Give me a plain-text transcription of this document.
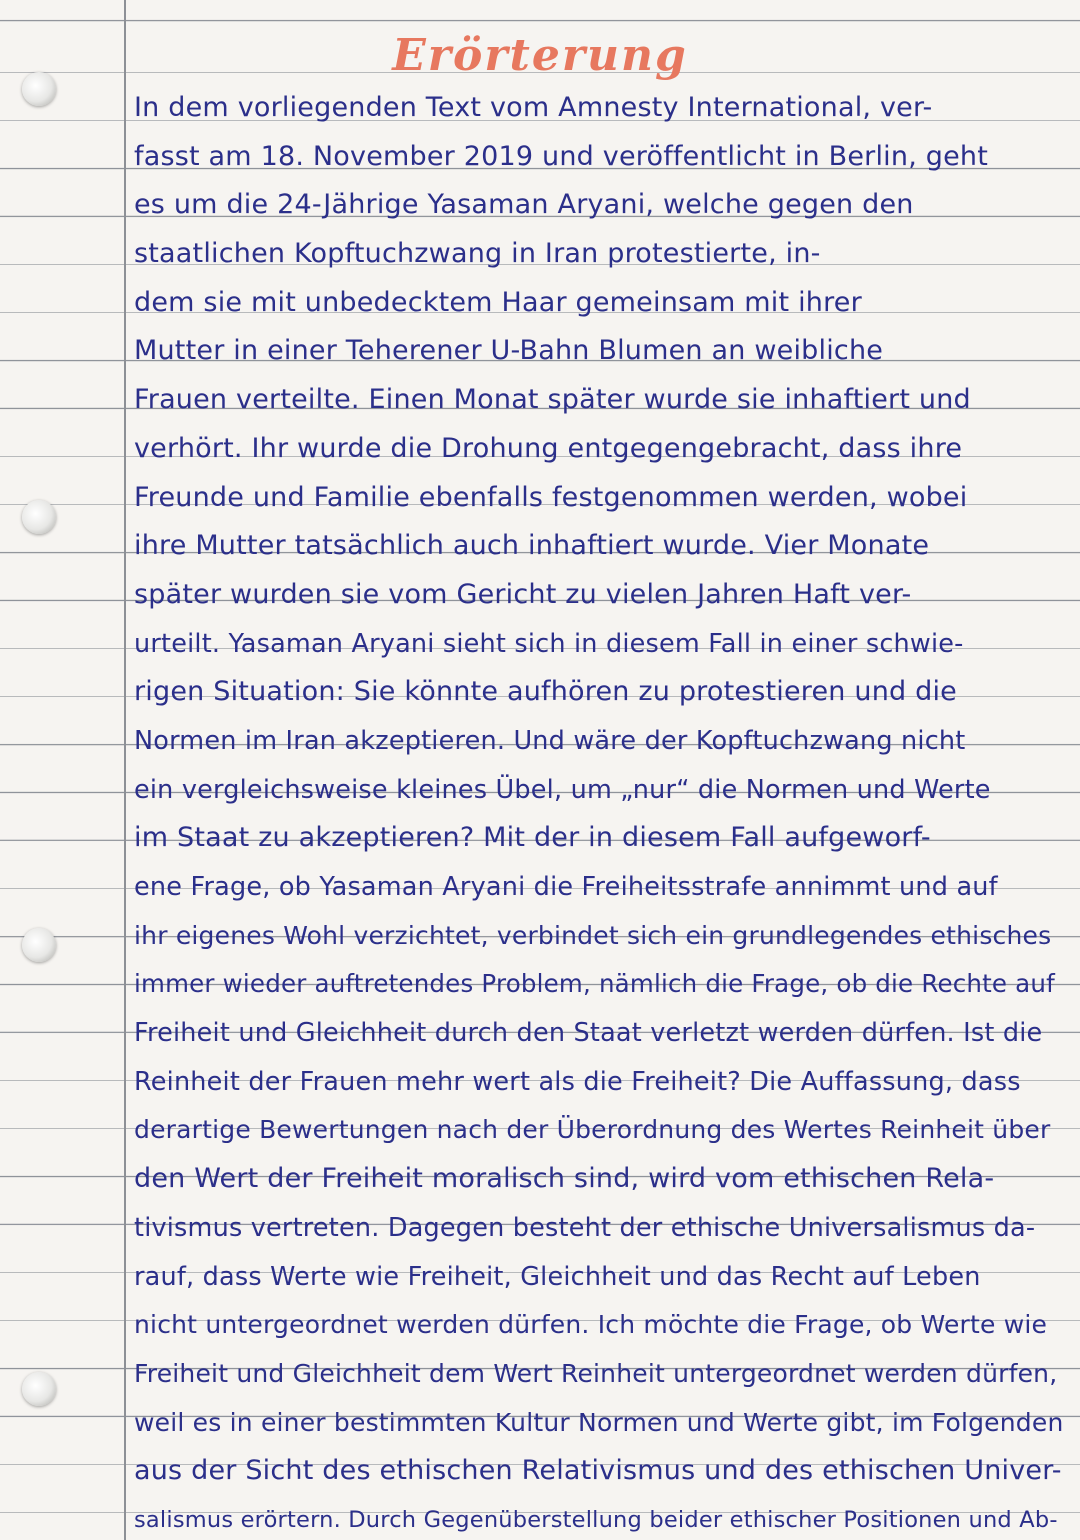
Erörterung
In dem vorliegenden Text vom Amnesty International, ver-
fasst am 18. November 2019 und veröffentlicht in Berlin, geht
es um die 24-Jährige Yasaman Aryani, welche gegen den
staatlichen Kopftuchzwang in Iran protestierte, in-
dem sie mit unbedecktem Haar gemeinsam mit ihrer
Mutter in einer Teherener U-Bahn Blumen an weibliche
Frauen verteilte. Einen Monat später wurde sie inhaftiert und
verhört. Ihr wurde die Drohung entgegengebracht, dass ihre
Freunde und Familie ebenfalls festgenommen werden, wobei
ihre Mutter tatsächlich auch inhaftiert wurde. Vier Monate
später wurden sie vom Gericht zu vielen Jahren Haft ver-
urteilt. Yasaman Aryani sieht sich in diesem Fall in einer schwie-
rigen Situation: Sie könnte aufhören zu protestieren und die
Normen im Iran akzeptieren. Und wäre der Kopftuchzwang nicht
ein vergleichsweise kleines Übel, um „nur“ die Normen und Werte
im Staat zu akzeptieren? Mit der in diesem Fall aufgeworf-
ene Frage, ob Yasaman Aryani die Freiheitsstrafe annimmt und auf
ihr eigenes Wohl verzichtet, verbindet sich ein grundlegendes ethisches
immer wieder auftretendes Problem, nämlich die Frage, ob die Rechte auf
Freiheit und Gleichheit durch den Staat verletzt werden dürfen. Ist die
Reinheit der Frauen mehr wert als die Freiheit? Die Auffassung, dass
derartige Bewertungen nach der Überordnung des Wertes Reinheit über
den Wert der Freiheit moralisch sind, wird vom ethischen Rela-
tivismus vertreten. Dagegen besteht der ethische Universalismus da-
rauf, dass Werte wie Freiheit, Gleichheit und das Recht auf Leben
nicht untergeordnet werden dürfen. Ich möchte die Frage, ob Werte wie
Freiheit und Gleichheit dem Wert Reinheit untergeordnet werden dürfen,
weil es in einer bestimmten Kultur Normen und Werte gibt, im Folgenden
aus der Sicht des ethischen Relativismus und des ethischen Univer-
salismus erörtern. Durch Gegenüberstellung beider ethischer Positionen und Ab-
